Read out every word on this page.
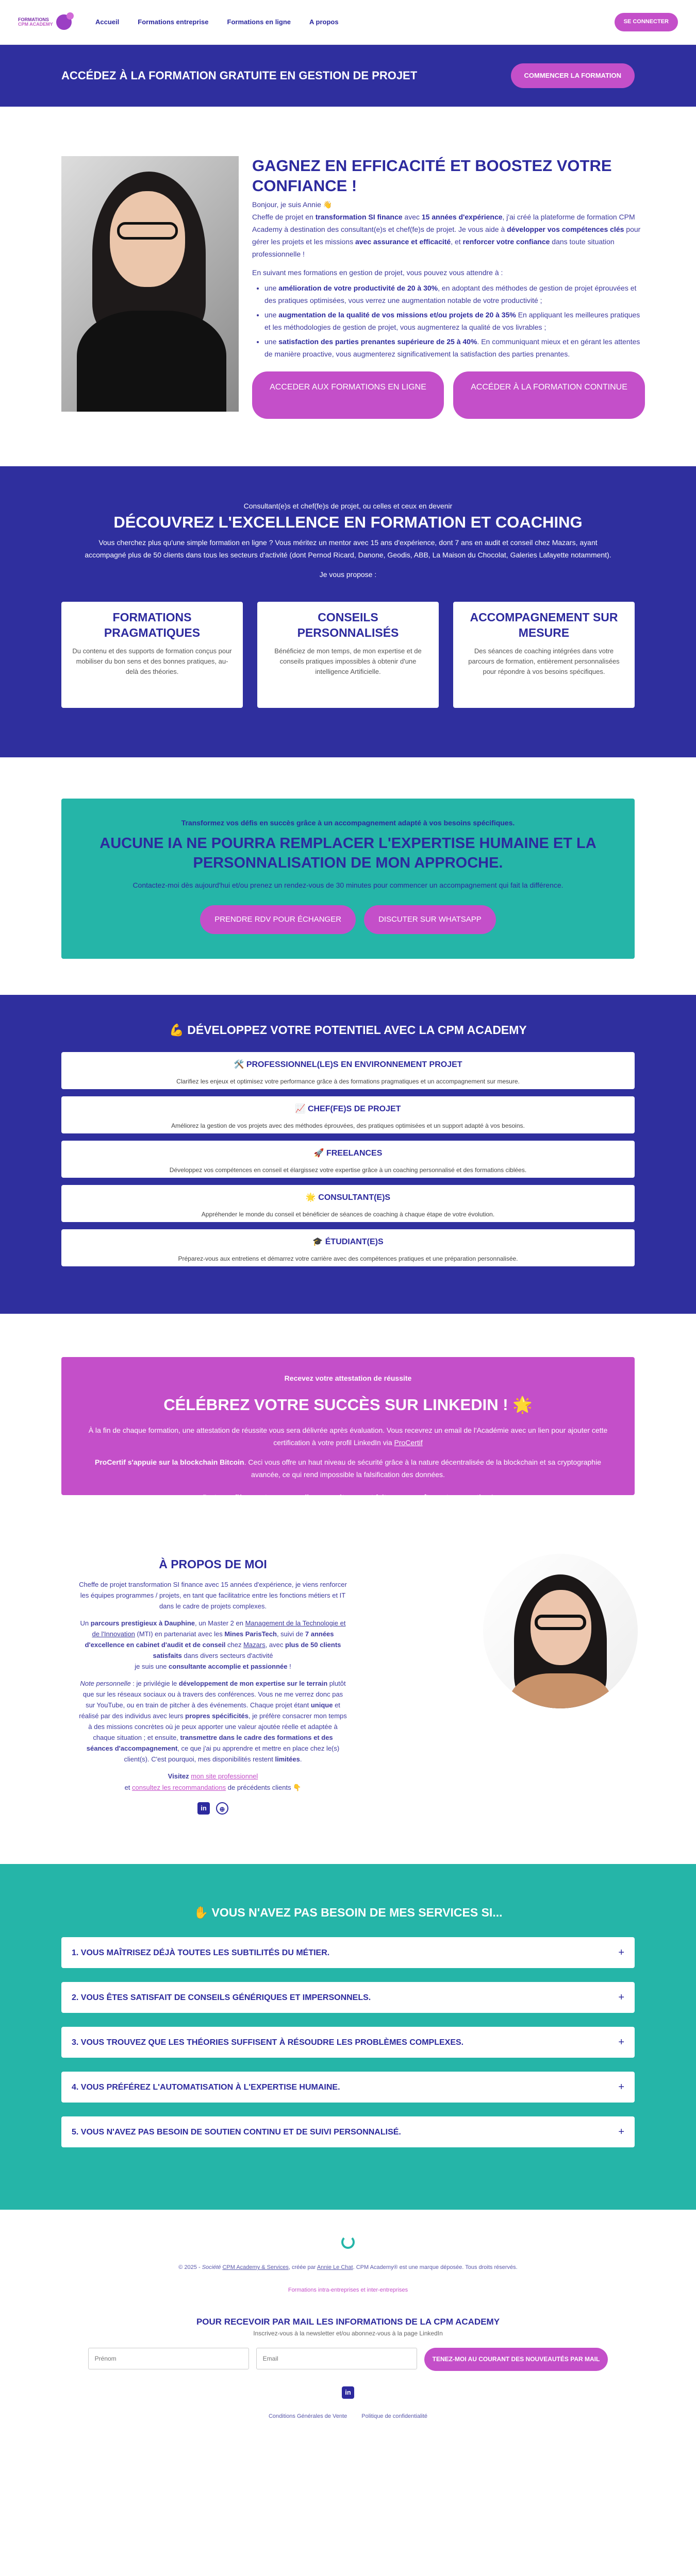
FORMATIONS
CPM ACADEMY	Accueil	Formations entreprise	Formations en ligne	A propos	SE CONNECTER
ACCÉDEZ À LA FORMATION GRATUITE EN GESTION DE PROJET	COMMENCER LA FORMATION
GAGNEZ EN EFFICACITÉ ET BOOSTEZ VOTRE CONFIANCE !

Bonjour, je suis Annie 👋

Cheffe de projet en transformation SI finance avec 15 années d'expérience, j'ai créé la plateforme de formation CPM Academy à destination des consultant(e)s et chef(fe)s de projet. Je vous aide à développer vos compétences clés pour gérer les projets et les missions avec assurance et efficacité, et renforcer votre confiance dans toute situation professionnelle !

En suivant mes formations en gestion de projet, vous pouvez vous attendre à :

• une amélioration de votre productivité de 20 à 30%, en adoptant des méthodes de gestion de projet éprouvées et des pratiques optimisées, vous verrez une augmentation notable de votre productivité ;
• une augmentation de la qualité de vos missions et/ou projets de 20 à 35% En appliquant les meilleures pratiques et les méthodologies de gestion de projet, vous augmenterez la qualité de vos livrables ;
• une satisfaction des parties prenantes supérieure de 25 à 40%. En communiquant mieux et en gérant les attentes de manière proactive, vous augmenterez significativement la satisfaction des parties prenantes.
ACCEDER AUX FORMATIONS EN LIGNE	ACCÉDER À LA FORMATION CONTINUE

Consultant(e)s et chef(fe)s de projet, ou celles et ceux en devenir

DÉCOUVREZ L'EXCELLENCE EN FORMATION ET COACHING

Vous cherchez plus qu'une simple formation en ligne ? Vous méritez un mentor avec 15 ans d'expérience, dont 7 ans en audit et conseil chez Mazars, ayant accompagné plus de 50 clients dans tous les secteurs d'activité (dont Pernod Ricard, Danone, Geodis, ABB, La Maison du Chocolat, Galeries Lafayette notamment).

Je vous propose :

FORMATIONS PRAGMATIQUES

Du contenu et des supports de formation conçus pour mobiliser du bon sens et des bonnes pratiques, au-delà des théories.

CONSEILS PERSONNALISÉS

Bénéficiez de mon temps, de mon expertise et de conseils pratiques impossibles à obtenir d'une intelligence Artificielle.

ACCOMPAGNEMENT SUR MESURE

Des séances de coaching intégrées dans votre parcours de formation, entièrement personnalisées pour répondre à vos besoins spécifiques.

Transformez vos défis en succès grâce à un accompagnement adapté à vos besoins spécifiques.

AUCUNE IA NE POURRA REMPLACER L'EXPERTISE HUMAINE ET LA PERSONNALISATION DE MON APPROCHE.

Contactez-moi dès aujourd'hui et/ou prenez un rendez-vous de 30 minutes pour commencer un accompagnement qui fait la différence.

PRENDRE RDV POUR ÉCHANGER	DISCUTER SUR WHATSAPP
💪 DÉVELOPPEZ VOTRE POTENTIEL AVEC LA CPM ACADEMY
🛠️ PROFESSIONNEL(LE)S EN ENVIRONNEMENT PROJET

Clarifiez les enjeux et optimisez votre performance grâce à des formations pragmatiques et un accompagnement sur mesure.

📈 CHEF(FE)S DE PROJET

Améliorez la gestion de vos projets avec des méthodes éprouvées, des pratiques optimisées et un support adapté à vos besoins.

🚀 FREELANCES

Développez vos compétences en conseil et élargissez votre expertise grâce à un coaching personnalisé et des formations ciblées.

🌟 CONSULTANT(E)S

Appréhender le monde du conseil et bénéficier de séances de coaching à chaque étape de votre évolution.

🎓 ÉTUDIANT(E)S

Préparez-vous aux entretiens et démarrez votre carrière avec des compétences pratiques et une préparation personnalisée.

Recevez votre attestation de réussite

CÉLÉBREZ VOTRE SUCCÈS SUR LINKEDIN ! 🌟

À la fin de chaque formation, une attestation de réussite vous sera délivrée après évaluation. Vous recevrez un email de l'Académie avec un lien pour ajouter cette certification à votre profil LinkedIn via ProCertif

ProCertif s'appuie sur la blockchain Bitcoin. Ceci vous offre un haut niveau de sécurité grâce à la nature décentralisée de la blockchain et sa cryptographie avancée, ce qui rend impossible la falsification des données.

Partagez fièrement vos nouvelles compétences et faites reconnaître votre expertise !

À PROPOS DE MOI

Cheffe de projet transformation SI finance avec 15 années d'expérience, je viens renforcer les équipes programmes / projets, en tant que facilitatrice entre les fonctions métiers et IT dans le cadre de projets complexes.

Un parcours prestigieux à Dauphine, un Master 2 en Management de la Technologie et de l'Innovation (MTI) en partenariat avec les Mines ParisTech, suivi de 7 années d'excellence en cabinet d'audit et de conseil chez Mazars, avec plus de 50 clients satisfaits dans divers secteurs d'activité
je suis une consultante accomplie et passionnée !

Note personnelle : je privilégie le développement de mon expertise sur le terrain plutôt que sur les réseaux sociaux ou à travers des conférences. Vous ne me verrez donc pas sur YouTube, ou en train de pitcher à des événements. Chaque projet étant unique et réalisé par des individus avec leurs propres spécificités, je préfère consacrer mon temps à des missions concrètes où je peux apporter une valeur ajoutée réelle et adaptée à chaque situation ; et ensuite, transmettre dans le cadre des formations et des séances d'accompagnement, ce que j'ai pu apprendre et mettre en place chez le(s) client(s). C'est pourquoi, mes disponibilités restent limitées.

Visitez mon site professionnel
et consultez les recommandations de précédents clients 👇

in	⊕
✋ VOUS N'AVEZ PAS BESOIN DE MES SERVICES SI...
1. VOUS MAÎTRISEZ DÉJÀ TOUTES LES SUBTILITÉS DU MÉTIER.	+
2. VOUS ÊTES SATISFAIT DE CONSEILS GÉNÉRIQUES ET IMPERSONNELS.	+
3. VOUS TROUVEZ QUE LES THÉORIES SUFFISENT À RÉSOUDRE LES PROBLÈMES COMPLEXES.	+
4. VOUS PRÉFÉREZ L'AUTOMATISATION À L'EXPERTISE HUMAINE.	+
5. VOUS N'AVEZ PAS BESOIN DE SOUTIEN CONTINU ET DE SUIVI PERSONNALISÉ.	+

© 2025 - Société CPM Academy & Services, créée par Annie Le Chat. CPM Academy® est une marque déposée. Tous droits réservés.

Formations intra-entreprises et inter-entreprises

POUR RECEVOIR PAR MAIL LES INFORMATIONS DE LA CPM ACADEMY

Inscrivez-vous à la newsletter et/ou abonnez-vous à la page LinkedIn

Prénom
Email
TENEZ-MOI AU COURANT DES NOUVEAUTÉS PAR MAIL
in
Conditions Générales de Vente	Politique de confidentialité
